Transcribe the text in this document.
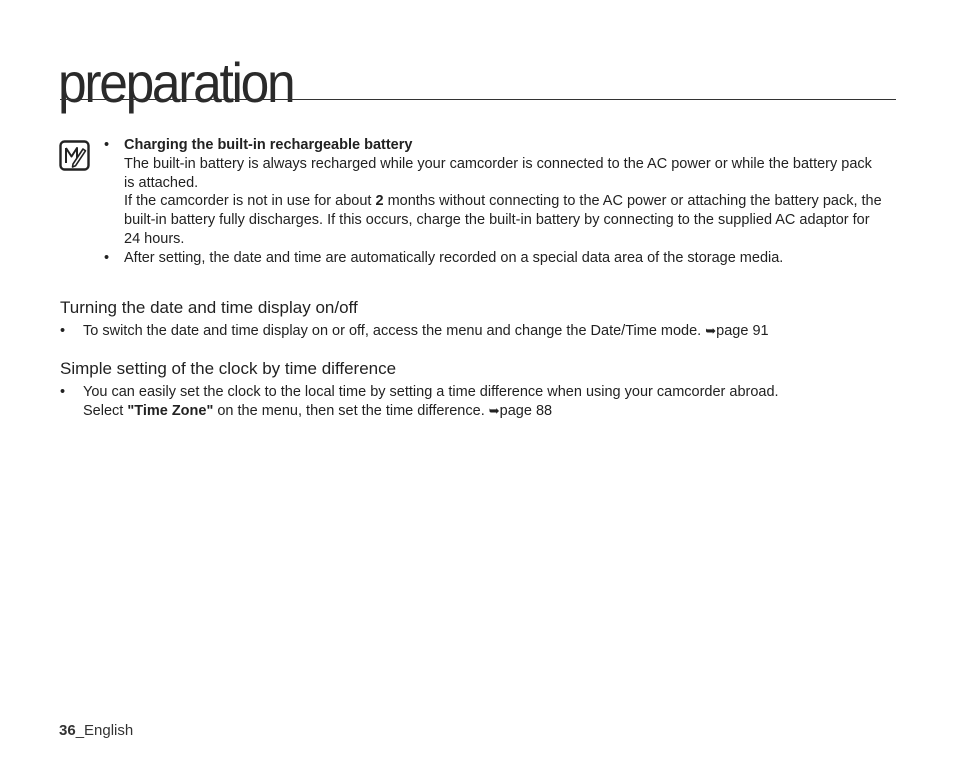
preparation
• Charging the built-in rechargeable battery
The built-in battery is always recharged while your camcorder is connected to the AC power or while the battery pack is attached.
If the camcorder is not in use for about 2 months without connecting to the AC power or attaching the battery pack, the built-in battery fully discharges. If this occurs, charge the built-in battery by connecting to the supplied AC adaptor for 24 hours.
• After setting, the date and time are automatically recorded on a special data area of the storage media.
Turning the date and time display on/off
• To switch the date and time display on or off, access the menu and change the Date/Time mode. ➥page 91
Simple setting of the clock by time difference
• You can easily set the clock to the local time by setting a time difference when using your camcorder abroad.
Select "Time Zone" on the menu, then set the time difference. ➥page 88
36_English
